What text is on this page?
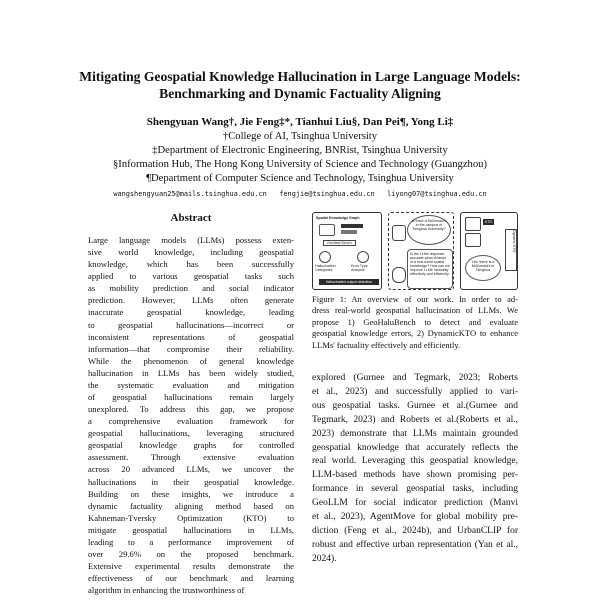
Mitigating Geospatial Knowledge Hallucination in Large Language Models:
Benchmarking and Dynamic Factuality Aligning
Shengyuan Wang†, Jie Feng‡*, Tianhui Liu§, Dan Pei¶, Yong Li‡
†College of AI, Tsinghua University
‡Department of Electronic Engineering, BNRist, Tsinghua University
§Information Hub, The Hong Kong University of Science and Technology (Guangzhou)
¶Department of Computer Science and Technology, Tsinghua University
wangshengyuan25@mails.tsinghua.edu.cn   fengjie@tsinghua.edu.cn   liyong07@tsinghua.edu.cn
Abstract
Large language models (LLMs) possess exten-
sive world knowledge, including geospatial
knowledge, which has been successfully
applied to various geospatial tasks such
as mobility prediction and social indicator
prediction. However, LLMs often generate
inaccurate geospatial knowledge, leading
to geospatial hallucinations—incorrect or
inconsistent representations of geospatial
information—that compromise their reliability.
While the phenomenon of general knowledge
hallucination in LLMs has been widely studied,
the systematic evaluation and mitigation
of geospatial hallucinations remain largely
unexplored. To address this gap, we propose
a comprehensive evaluation framework for
geospatial hallucinations, leveraging structured
geospatial knowledge graphs for controlled
assessment. Through extensive evaluation
across 20 advanced LLMs, we uncover the
hallucinations in their geospatial knowledge.
Building on these insights, we introduce a
dynamic factuality aligning method based on
Kahneman-Tversky Optimization (KTO) to
mitigate geospatial hallucinations in LLMs,
leading to a performance improvement of
over 29.6% on the proposed benchmark.
Extensive experimental results demonstrate the
effectiveness of our benchmark and learning
algorithm in enhancing the trustworthiness of
Spatial Knowledge Graph
Geofield Bench
Hallucination Categories
Error Type Analysis
Hallucinated output detection
Is there a McDonald's in the campus of Tsinghua University?
Is the LLMs response accurate when Answer of a real-world spatial knowledge? How can we improve LLMs' factuality effectively and efficiently
KTO
Dynamic KTO
Yes, there is a McDonald's in Tsinghua
Figure 1: An overview of our work. In order to ad-
dress real-world geospatial hallucination of LLMs. We
propose 1) GeoHaluBench to detect and evaluate
geospatial knowledge errors, 2) DynamicKTO to enhance
LLMs' factuality effectively and efficiently.
explored (Gurnee and Tegmark, 2023; Roberts
et al., 2023) and successfully applied to vari-
ous geospatial tasks. Gurnee et al.(Gurnee and
Tegmark, 2023) and Roberts et al.(Roberts et al.,
2023) demonstrate that LLMs maintain grounded
geospatial knowledge that accurately reflects the
real world. Leveraging this geospatial knowledge,
LLM-based methods have shown promising per-
formance in several geospatial tasks, including
GeoLLM for social indicator prediction (Manvi
et al., 2023), AgentMove for global mobility pre-
diction (Feng et al., 2024b), and UrbanCLIP for
robust and effective urban representation (Yan et al.,
2024).
